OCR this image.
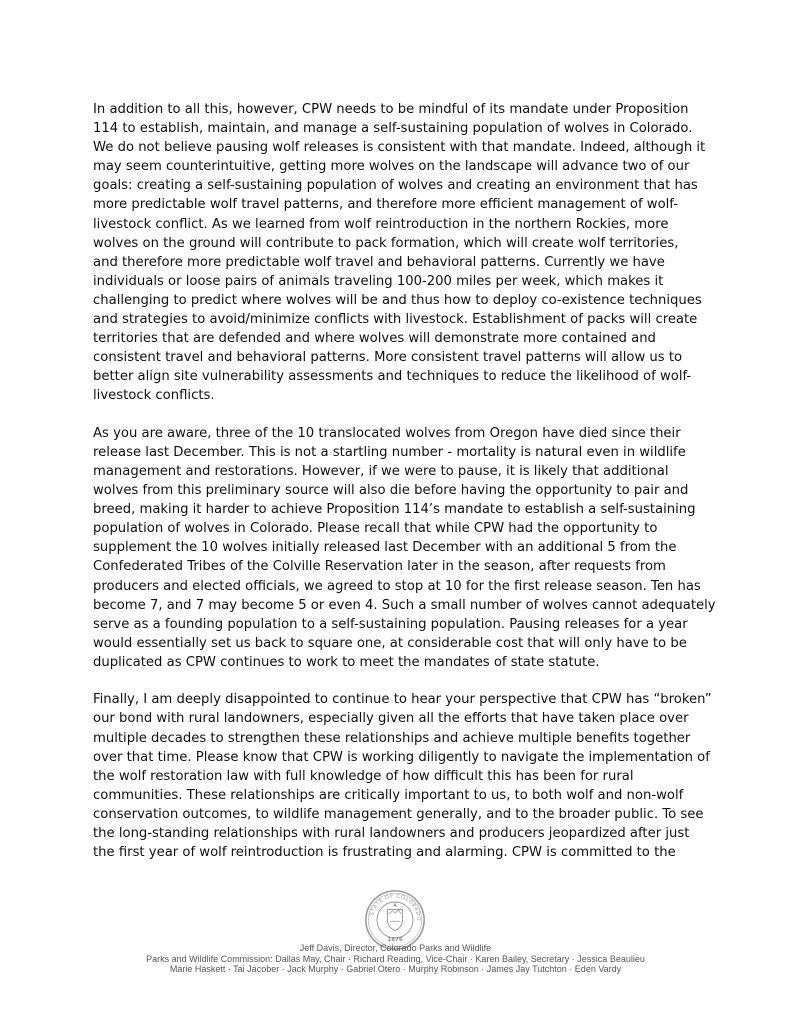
In addition to all this, however, CPW needs to be mindful of its mandate under Proposition
114 to establish, maintain, and manage a self-sustaining population of wolves in Colorado.
We do not believe pausing wolf releases is consistent with that mandate. Indeed, although it
may seem counterintuitive, getting more wolves on the landscape will advance two of our
goals: creating a self-sustaining population of wolves and creating an environment that has
more predictable wolf travel patterns, and therefore more efficient management of wolf-
livestock conflict. As we learned from wolf reintroduction in the northern Rockies, more
wolves on the ground will contribute to pack formation, which will create wolf territories,
and therefore more predictable wolf travel and behavioral patterns. Currently we have
individuals or loose pairs of animals traveling 100-200 miles per week, which makes it
challenging to predict where wolves will be and thus how to deploy co-existence techniques
and strategies to avoid/minimize conflicts with livestock. Establishment of packs will create
territories that are defended and where wolves will demonstrate more contained and
consistent travel and behavioral patterns. More consistent travel patterns will allow us to
better align site vulnerability assessments and techniques to reduce the likelihood of wolf-
livestock conflicts.

As you are aware, three of the 10 translocated wolves from Oregon have died since their
release last December. This is not a startling number - mortality is natural even in wildlife
management and restorations. However, if we were to pause, it is likely that additional
wolves from this preliminary source will also die before having the opportunity to pair and
breed, making it harder to achieve Proposition 114’s mandate to establish a self-sustaining
population of wolves in Colorado. Please recall that while CPW had the opportunity to
supplement the 10 wolves initially released last December with an additional 5 from the
Confederated Tribes of the Colville Reservation later in the season, after requests from
producers and elected officials, we agreed to stop at 10 for the first release season. Ten has
become 7, and 7 may become 5 or even 4. Such a small number of wolves cannot adequately
serve as a founding population to a self-sustaining population. Pausing releases for a year
would essentially set us back to square one, at considerable cost that will only have to be
duplicated as CPW continues to work to meet the mandates of state statute.

Finally, I am deeply disappointed to continue to hear your perspective that CPW has “broken”
our bond with rural landowners, especially given all the efforts that have taken place over
multiple decades to strengthen these relationships and achieve multiple benefits together
over that time. Please know that CPW is working diligently to navigate the implementation of
the wolf restoration law with full knowledge of how difficult this has been for rural
communities. These relationships are critically important to us, to both wolf and non-wolf
conservation outcomes, to wildlife management generally, and to the broader public. To see
the long-standing relationships with rural landowners and producers jeopardized after just
the first year of wolf reintroduction is frustrating and alarming. CPW is committed to the

STATE OF COLORADO
1876
Jeff Davis, Director, Colorado Parks and Wildlife
Parks and Wildlife Commission: Dallas May, Chair · Richard Reading, Vice-Chair · Karen Bailey, Secretary · Jessica Beaulieu
Marie Haskett · Tai Jacober · Jack Murphy · Gabriel Otero · Murphy Robinson · James Jay Tutchton · Eden Vardy
